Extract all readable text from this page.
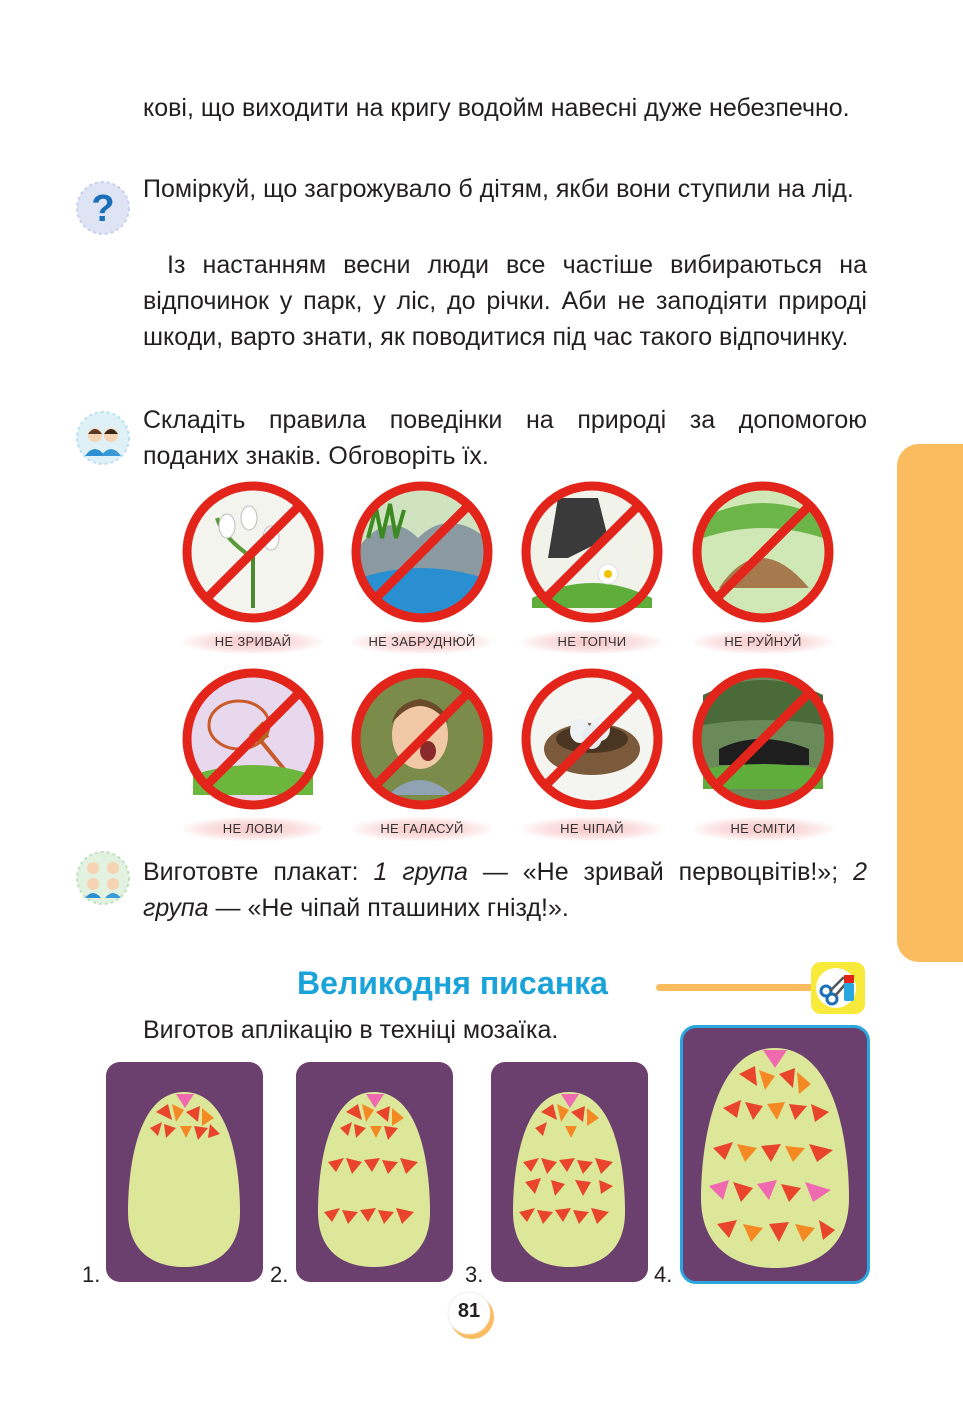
кові, що виходити на кригу водойм навесні дуже небезпечно.
? Поміркуй, що загрожувало б дітям, якби вони ступили на лід.
Із настанням весни люди все частіше вибираються на відпочинок у парк, у ліс, до річки. Аби не заподіяти природі шкоди, варто знати, як поводитися під час такого відпочинку.
Складіть правила поведінки на природі за допомогою поданих знаків. Обговоріть їх.
НЕ ЗРИВАЙ	НЕ ЗАБРУДНЮЙ	НЕ ТОПЧИ	НЕ РУЙНУЙ
НЕ ЛОВИ	НЕ ГАЛАСУЙ	НЕ ЧІПАЙ	НЕ СМІТИ
Виготовте плакат: 1 група — «Не зривай первоцвітів!»; 2 група — «Не чіпай пташиних гнізд!».
Великодня писанка
Виготов аплікацію в техніці мозаїка.
1.	2.	3.	4.
81
